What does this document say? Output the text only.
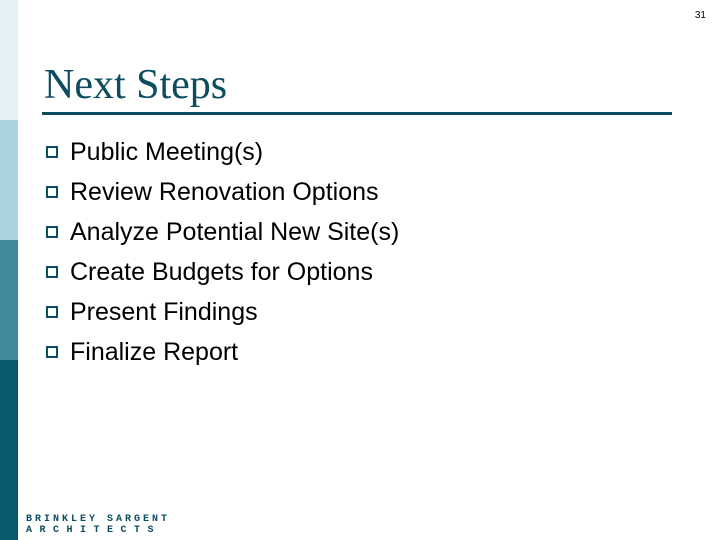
31
Next Steps
Public Meeting(s)
Review Renovation Options
Analyze Potential New Site(s)
Create Budgets for Options
Present Findings
Finalize Report
BRINKLEY SARGENT
ARCHITECTS
